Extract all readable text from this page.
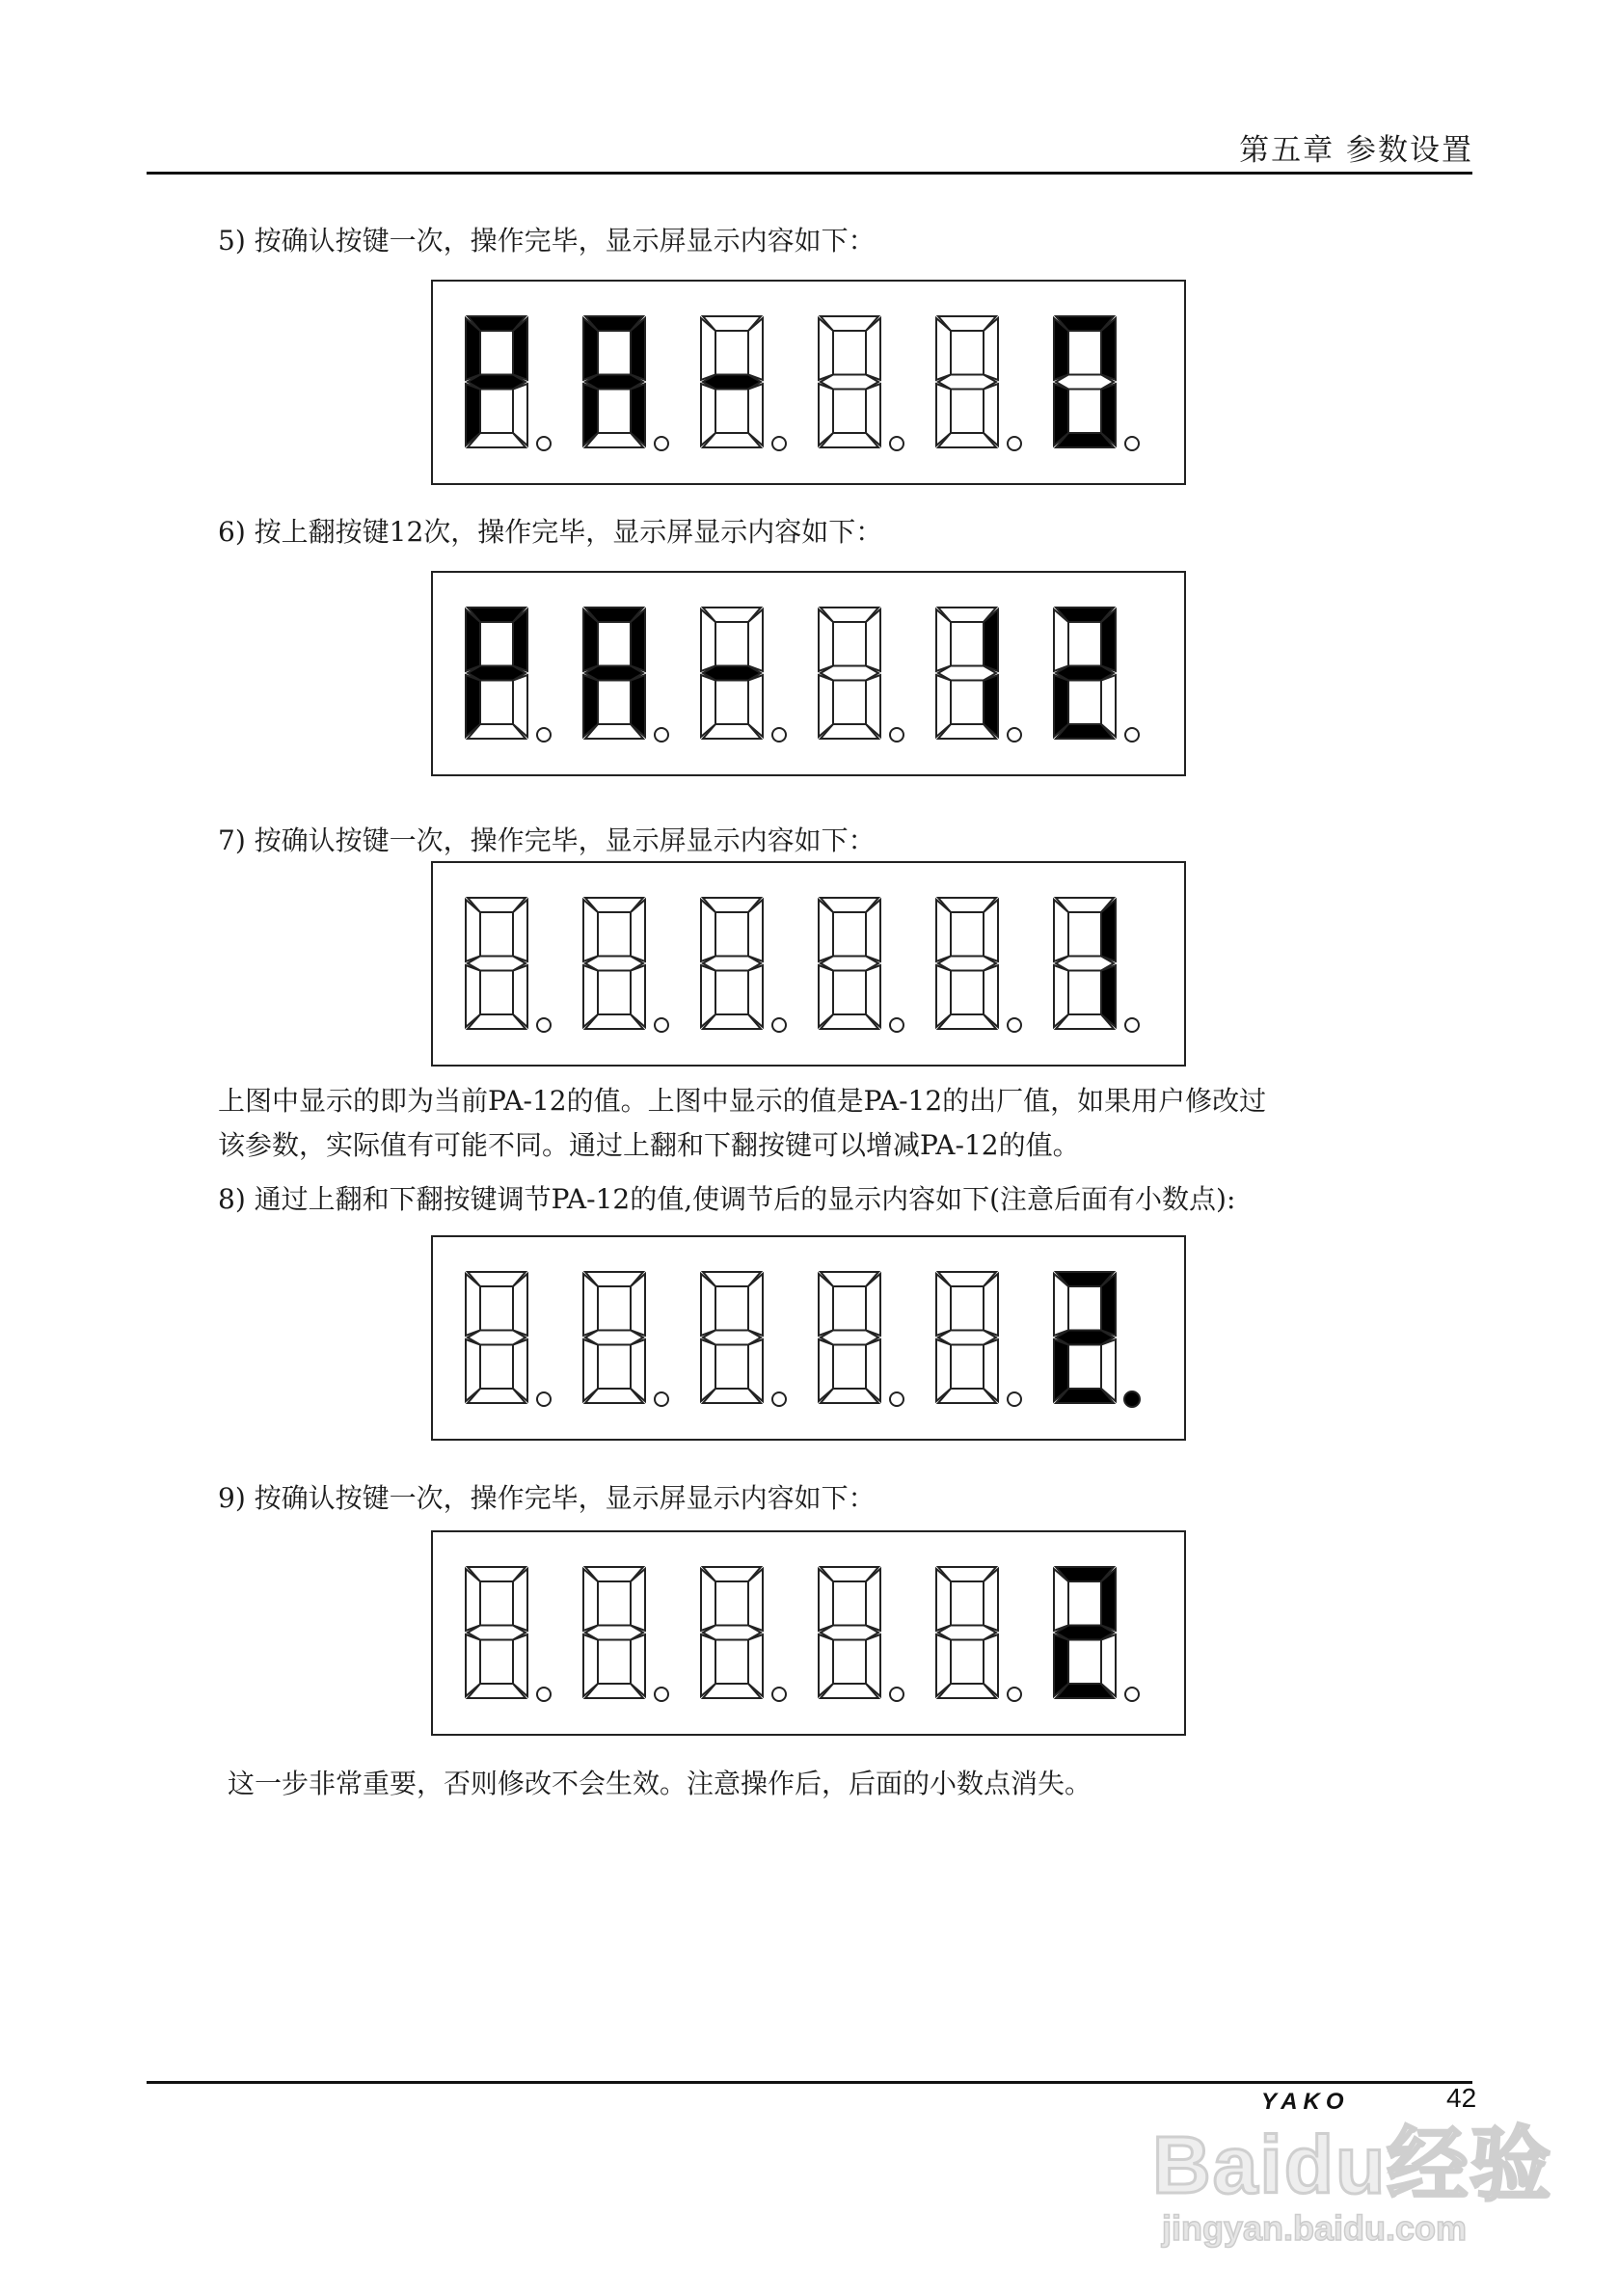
第五章 参数设置
5) 按确认按键一次，操作完毕，显示屏显示内容如下：
6) 按上翻按键12次，操作完毕，显示屏显示内容如下：
7) 按确认按键一次，操作完毕，显示屏显示内容如下：
上图中显示的即为当前PA-12的值。上图中显示的值是PA-12的出厂值，如果用户修改过
该参数，实际值有可能不同。通过上翻和下翻按键可以增减PA-12的值。
8) 通过上翻和下翻按键调节PA-12的值,使调节后的显示内容如下(注意后面有小数点):
9) 按确认按键一次，操作完毕，显示屏显示内容如下：
这一步非常重要，否则修改不会生效。注意操作后，后面的小数点消失。
YAKO	42
Baidu经验
jingyan.baidu.com
